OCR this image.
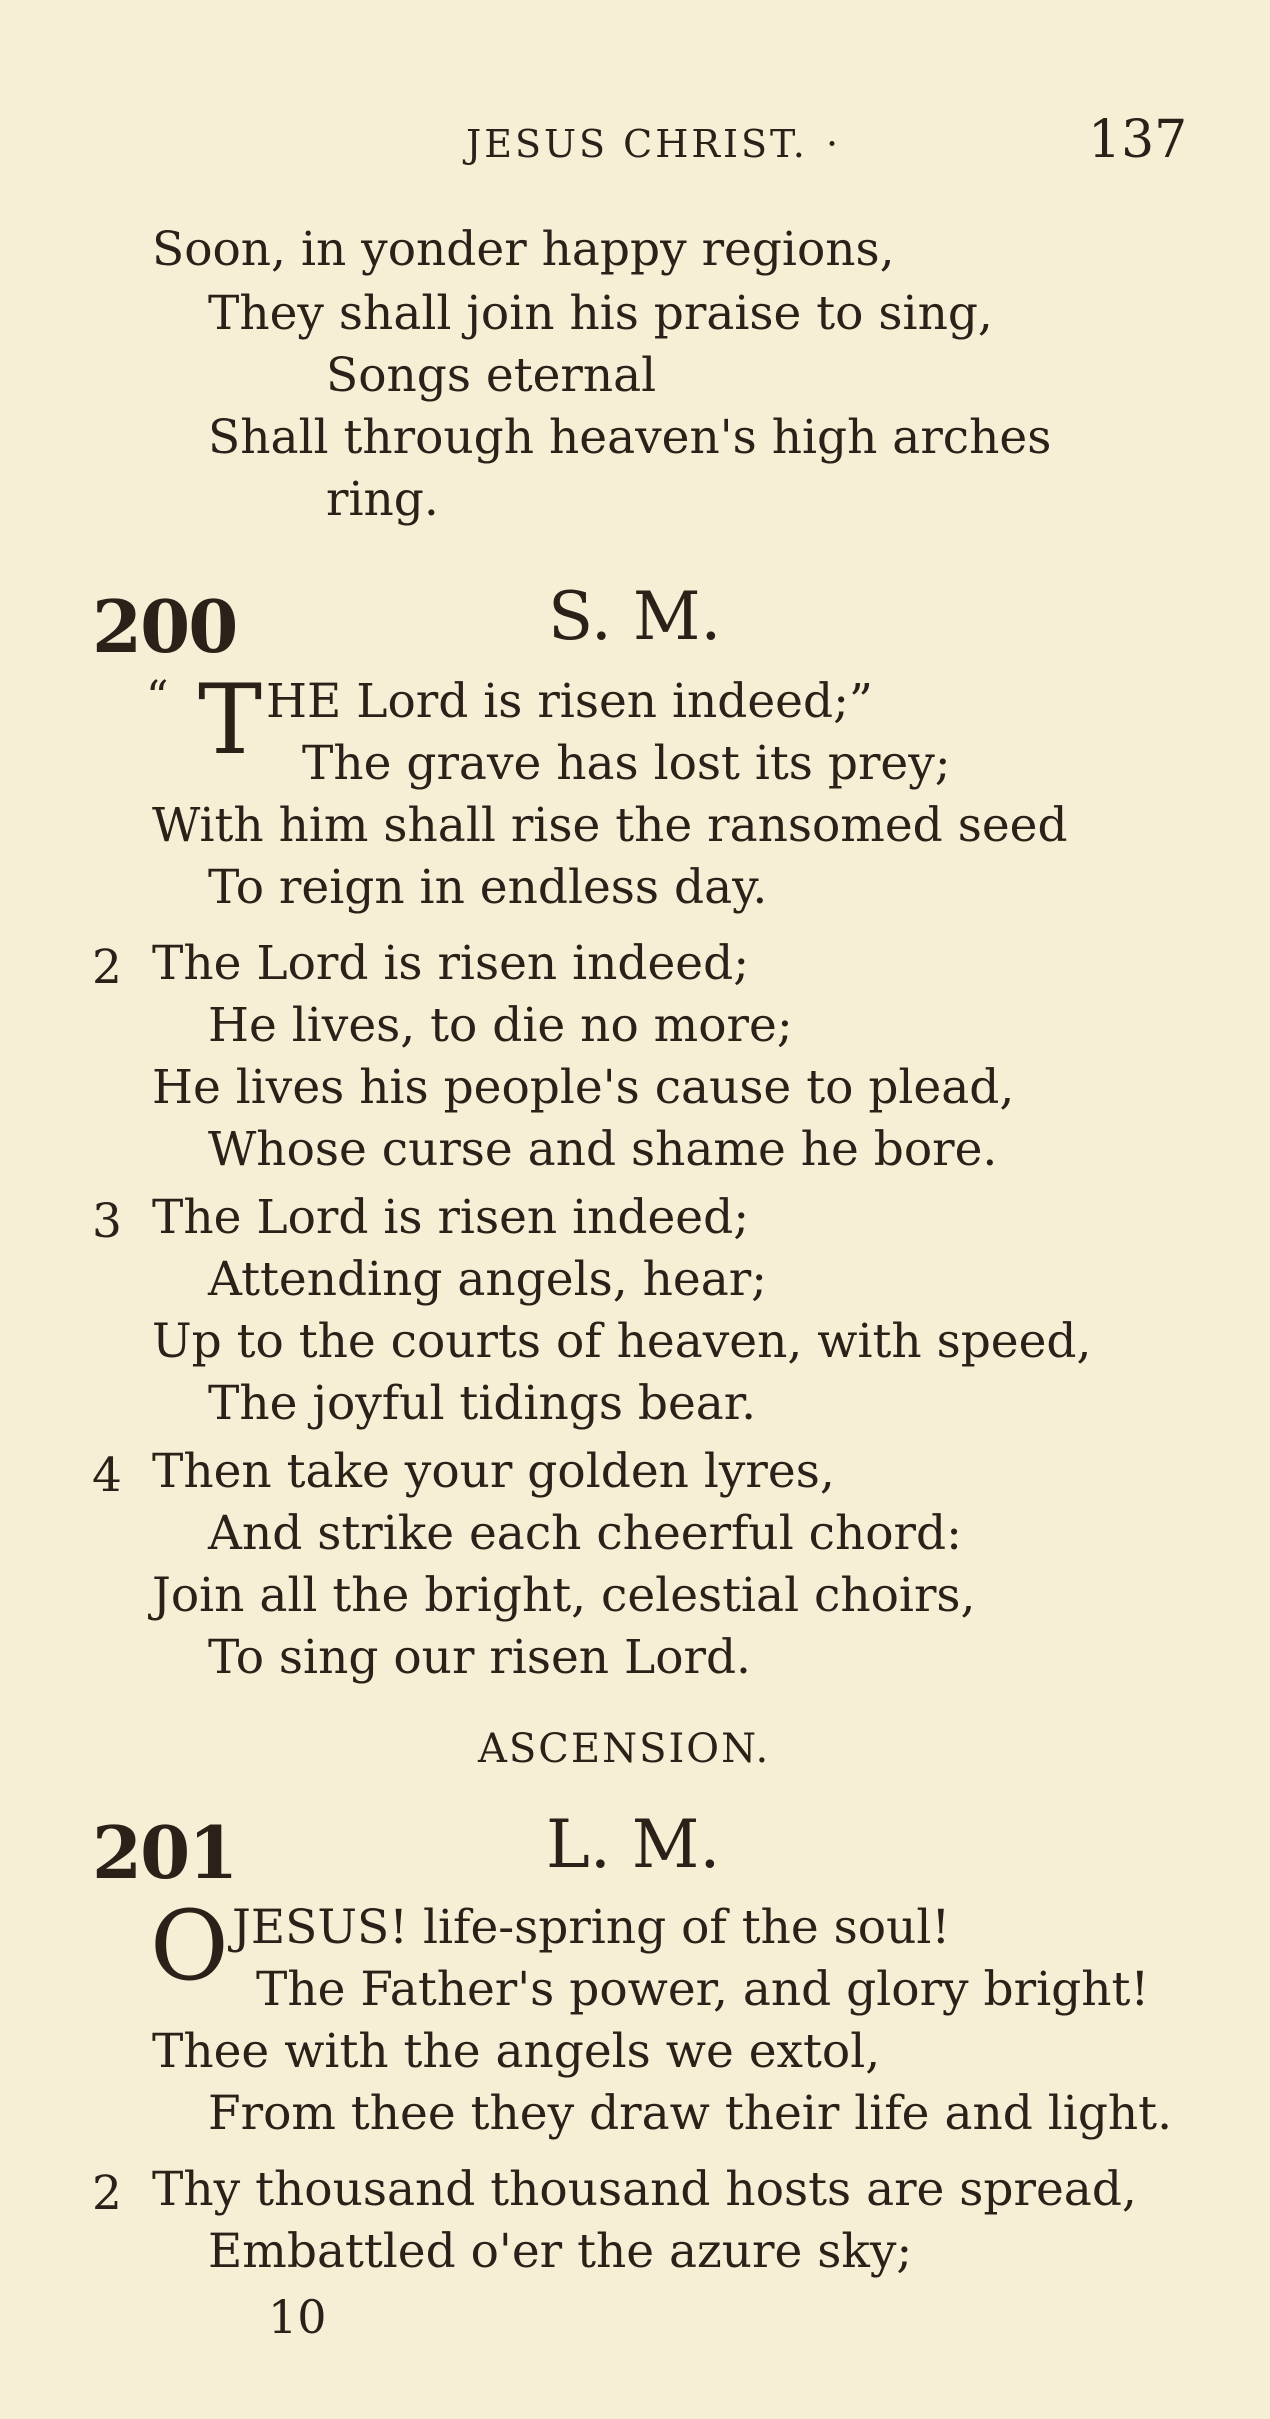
JESUS CHRIST. ·	137
Soon, in yonder happy regions,
They shall join his praise to sing,
Songs eternal
Shall through heaven's high arches
ring.
200	S. M.
“ T HE Lord is risen indeed;”
The grave has lost its prey;
With him shall rise the ransomed seed
To reign in endless day.
2 The Lord is risen indeed;
He lives, to die no more;
He lives his people's cause to plead,
Whose curse and shame he bore.
3 The Lord is risen indeed;
Attending angels, hear;
Up to the courts of heaven, with speed,
The joyful tidings bear.
4 Then take your golden lyres,
And strike each cheerful chord:
Join all the bright, celestial choirs,
To sing our risen Lord.
ASCENSION.
201	L. M.
O JESUS! life-spring of the soul!
The Father's power, and glory bright!
Thee with the angels we extol,
From thee they draw their life and light.
2 Thy thousand thousand hosts are spread,
Embattled o'er the azure sky;
10
